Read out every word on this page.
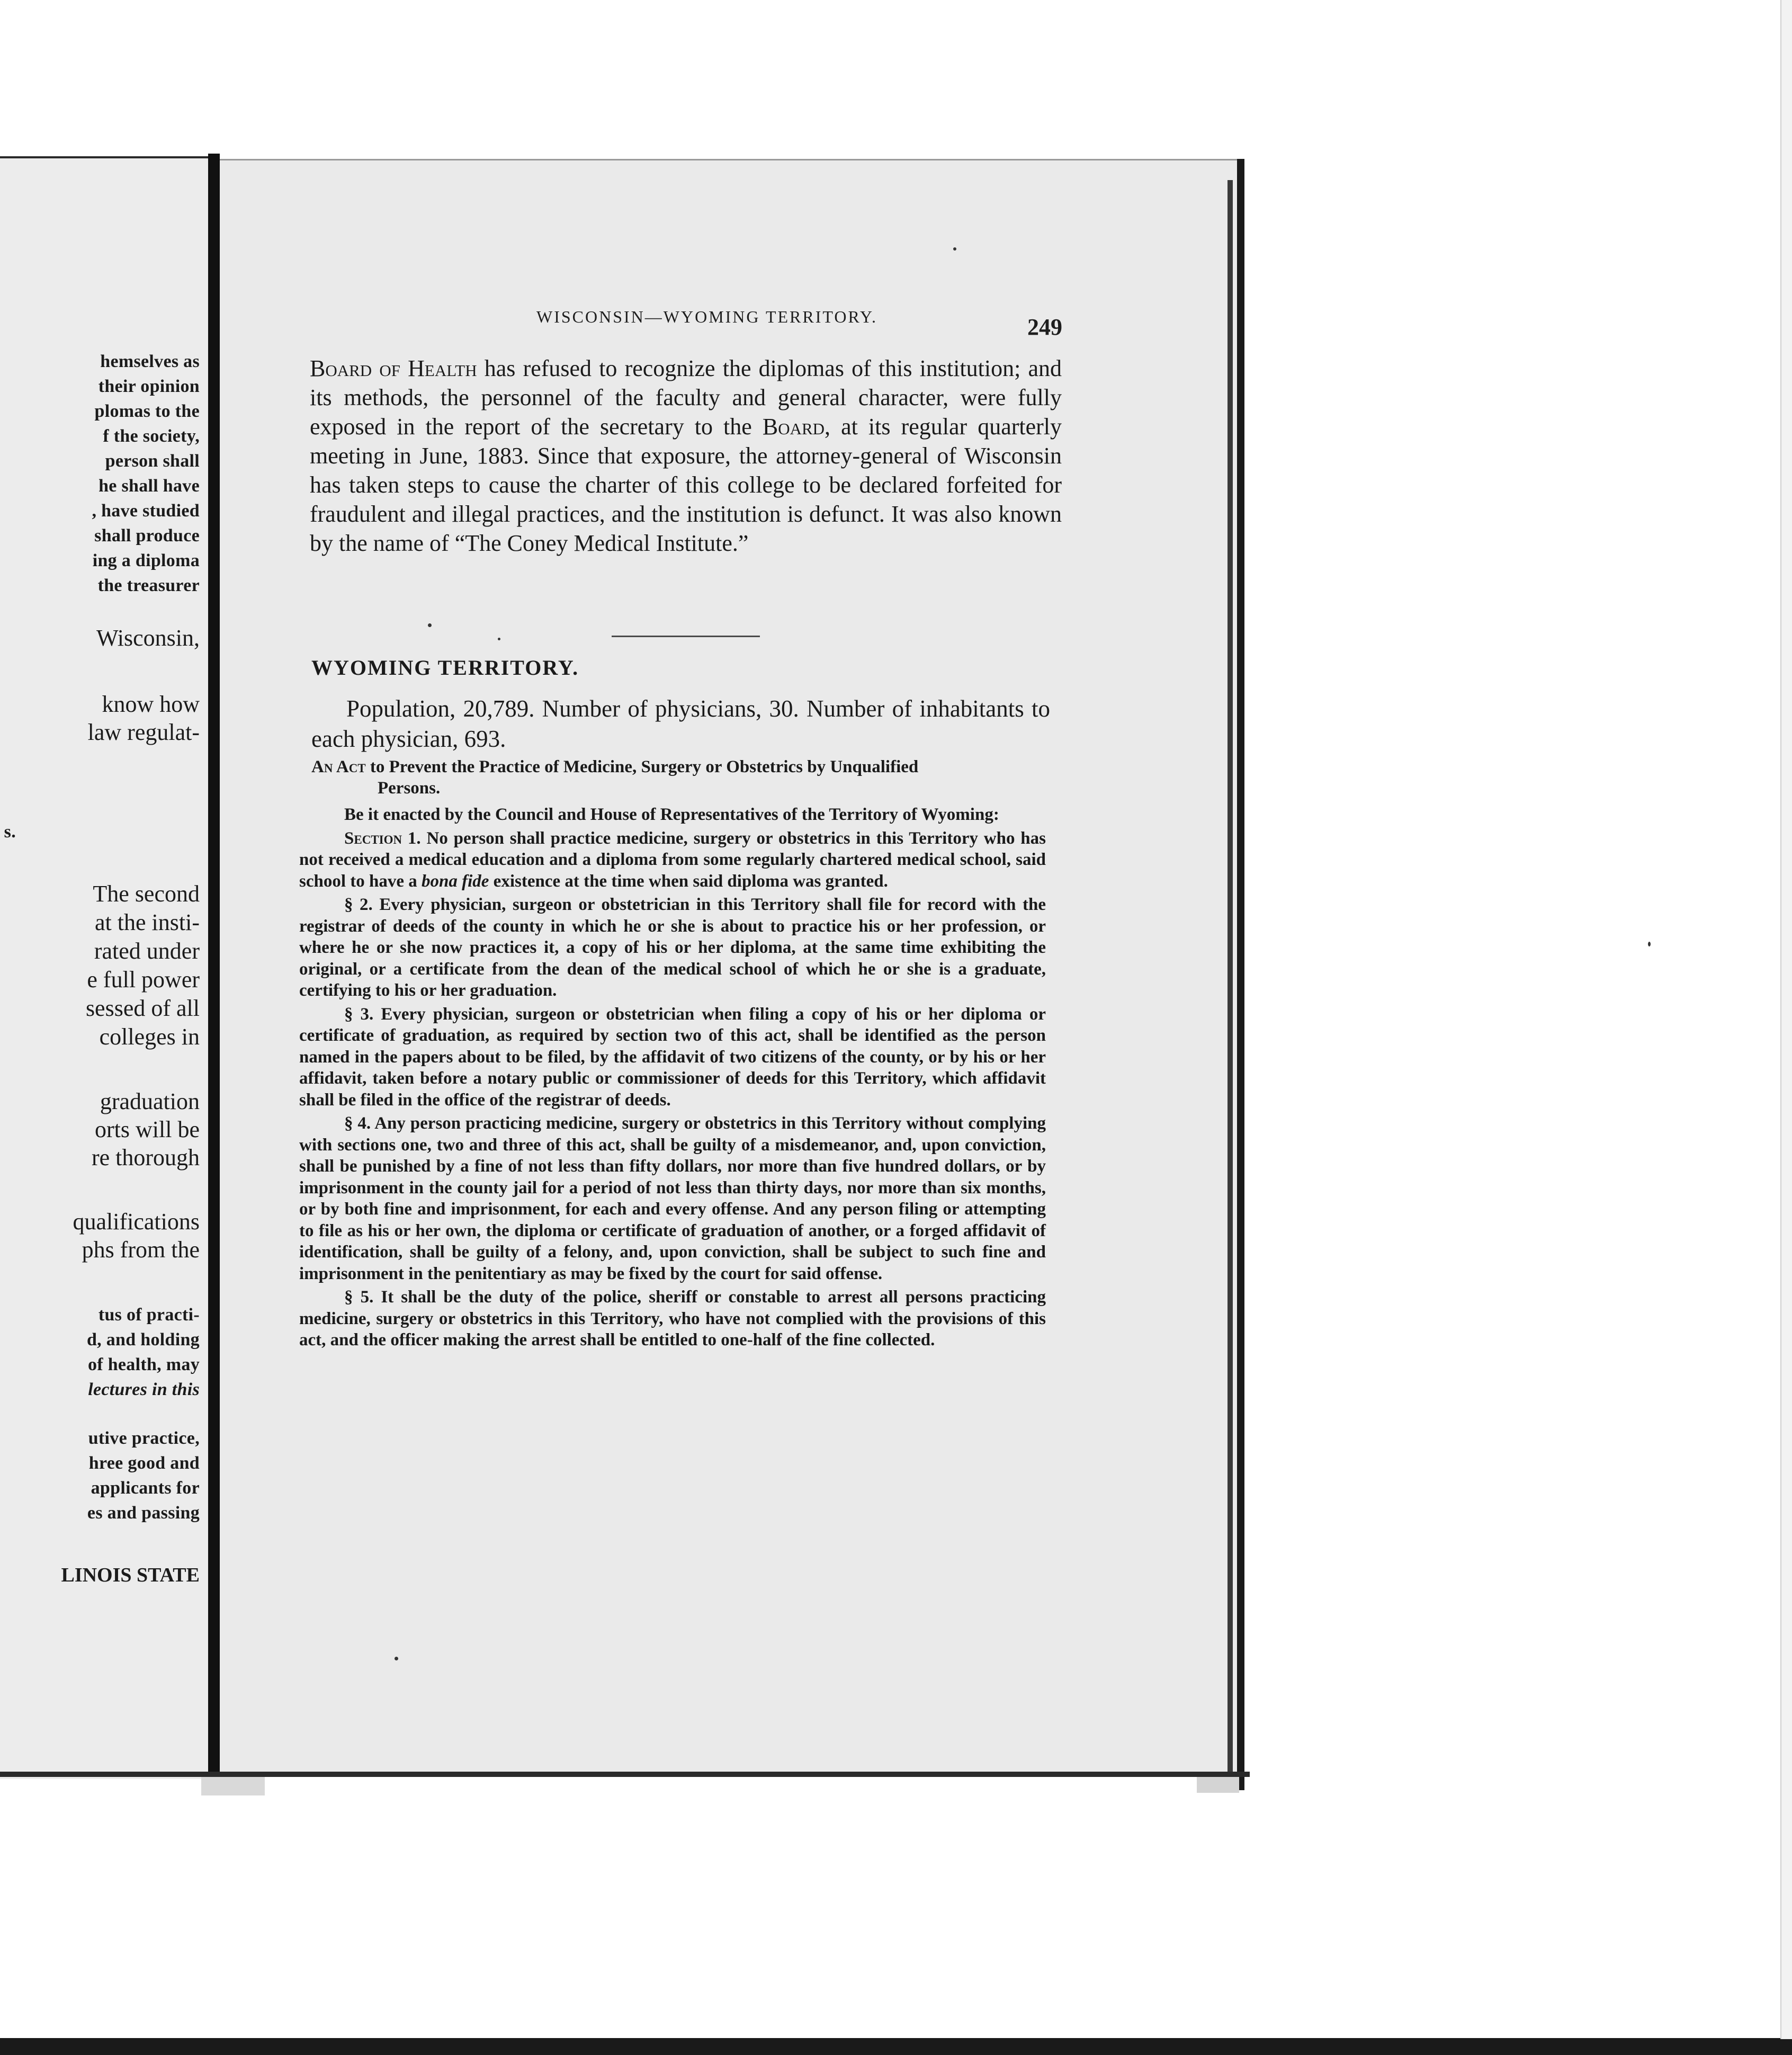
hemselves as
their opinion
plomas to the
f the society,
person shall
he shall have
, have studied
shall produce
ing a diploma
the treasurer
Wisconsin,
know how
law regulat-
s.
The second
at the insti-
rated under
e full power
sessed of all
colleges in
graduation
orts will be
re thorough
qualifications
phs from the
tus of practi-
d, and holding
of health, may
lectures in this
utive practice,
hree good and
applicants for
es and passing
LINOIS STATE
WISCONSIN—WYOMING TERRITORY.	249
Board of Health has refused to recognize the diplomas of this institution; and its methods, the personnel of the faculty and general character, were fully exposed in the report of the secretary to the Board, at its regular quarterly meeting in June, 1883. Since that exposure, the attorney-general of Wisconsin has taken steps to cause the charter of this college to be declared forfeited for fraudulent and illegal practices, and the institution is defunct. It was also known by the name of “The Coney Medical Institute.”
WYOMING TERRITORY.
Population, 20,789. Number of physicians, 30. Number of inhabitants to each physician, 693.
An Act to Prevent the Practice of Medicine, Surgery or Obstetrics by Unqualified
Persons.

Be it enacted by the Council and House of Representatives of the Territory of Wyoming:

Section 1. No person shall practice medicine, surgery or obstetrics in this Territory who has not received a medical education and a diploma from some regularly chartered medical school, said school to have a bona fide existence at the time when said diploma was granted.

§ 2. Every physician, surgeon or obstetrician in this Territory shall file for record with the registrar of deeds of the county in which he or she is about to practice his or her profession, or where he or she now practices it, a copy of his or her diploma, at the same time exhibiting the original, or a certificate from the dean of the medical school of which he or she is a graduate, certifying to his or her graduation.

§ 3. Every physician, surgeon or obstetrician when filing a copy of his or her diploma or certificate of graduation, as required by section two of this act, shall be identified as the person named in the papers about to be filed, by the affidavit of two citizens of the county, or by his or her affidavit, taken before a notary public or commissioner of deeds for this Territory, which affidavit shall be filed in the office of the registrar of deeds.

§ 4. Any person practicing medicine, surgery or obstetrics in this Territory without complying with sections one, two and three of this act, shall be guilty of a misdemeanor, and, upon conviction, shall be punished by a fine of not less than fifty dollars, nor more than five hundred dollars, or by imprisonment in the county jail for a period of not less than thirty days, nor more than six months, or by both fine and imprisonment, for each and every offense. And any person filing or attempting to file as his or her own, the diploma or certificate of graduation of another, or a forged affidavit of identification, shall be guilty of a felony, and, upon conviction, shall be subject to such fine and imprisonment in the penitentiary as may be fixed by the court for said offense.

§ 5. It shall be the duty of the police, sheriff or constable to arrest all persons practicing medicine, surgery or obstetrics in this Territory, who have not complied with the provisions of this act, and the officer making the arrest shall be entitled to one-half of the fine collected.
